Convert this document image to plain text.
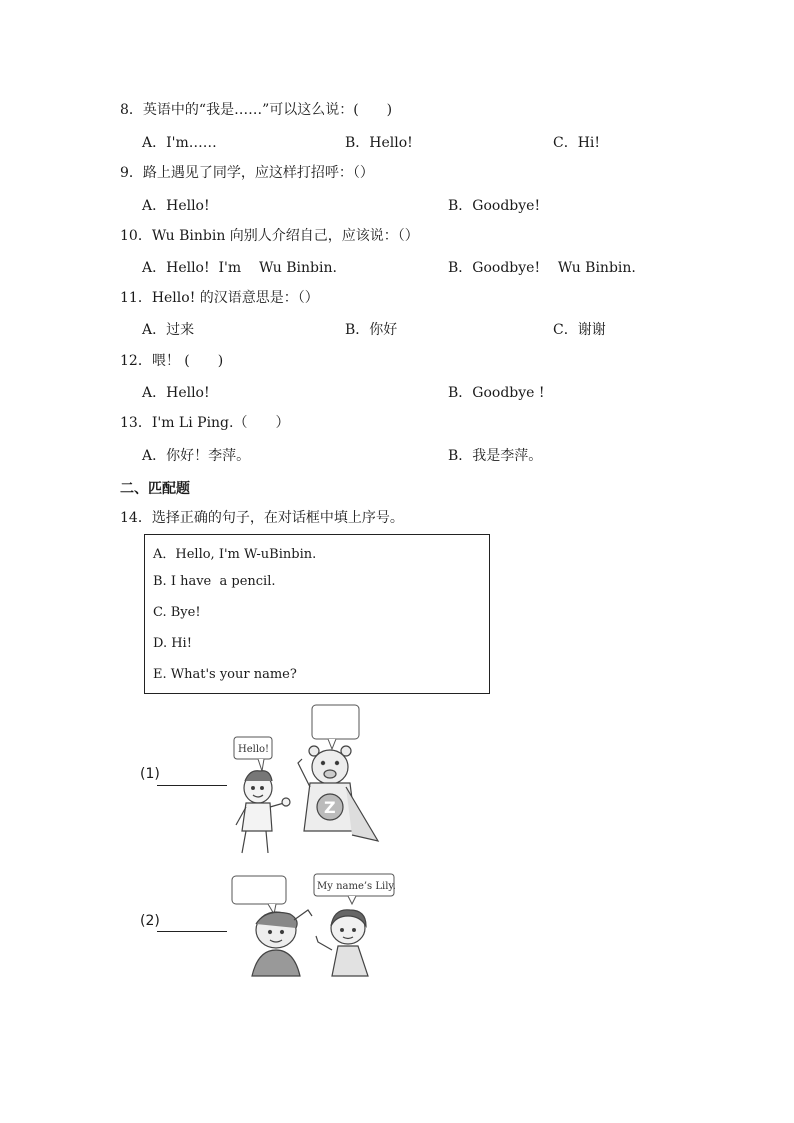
8．英语中的“我是……”可以这么说：(　　)
A．I'm……	B．Hello!	C．Hi!
9．路上遇见了同学，应这样打招呼：（）
A．Hello!	B．Goodbye!
10．Wu Binbin 向别人介绍自己，应该说：（）
A．Hello!  I'm    Wu Binbin.	B．Goodbye!    Wu Binbin.
11．Hello! 的汉语意思是：（）
A．过来	B．你好	C．谢谢
12．喂！ (　　)
A．Hello!	B．Goodbye !
13．I'm Li Ping.（　　）
A．你好！李萍。	B．我是李萍。
二、匹配题
14．选择正确的句子，在对话框中填上序号。
A．Hello, I'm W-uBinbin.
B. I have  a pencil.
C. Bye!
D. Hi!
E. What's your name?
(1)
Hello!
Z
(2)
My name’s Lily.
